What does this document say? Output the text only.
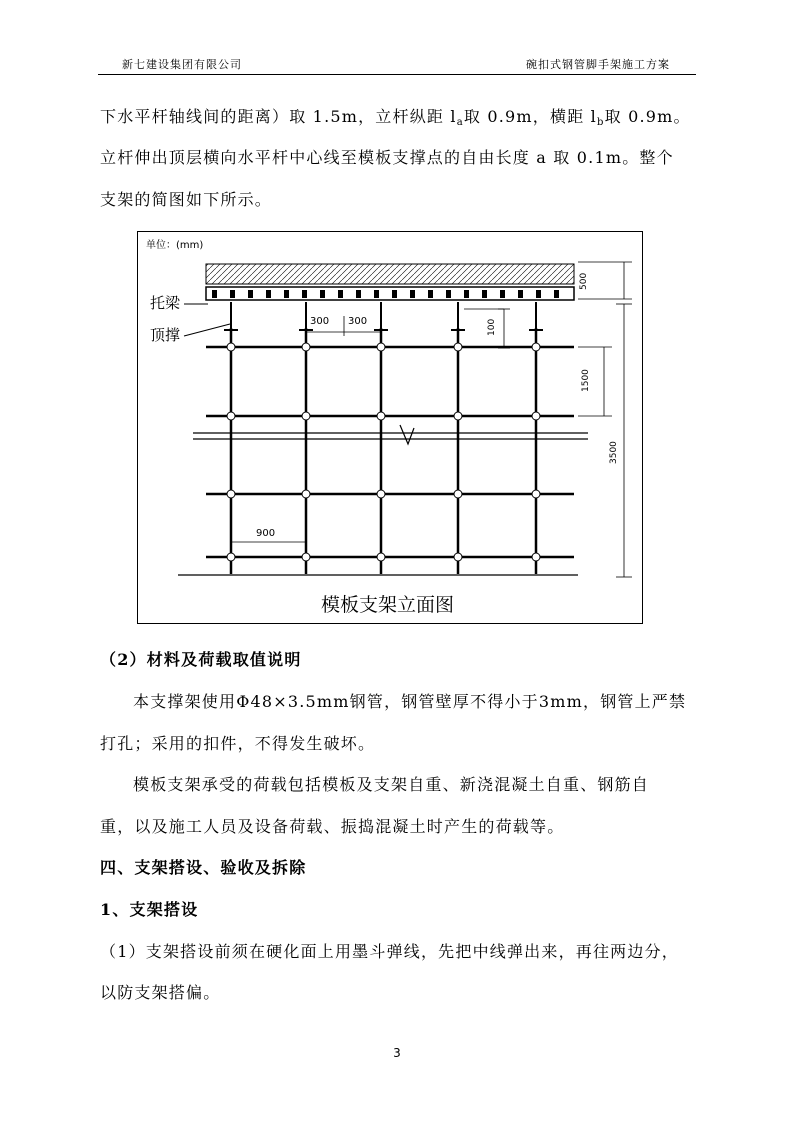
新七建设集团有限公司	碗扣式钢管脚手架施工方案
下水平杆轴线间的距离）取 1.5m，立杆纵距 $l_a$取 0.9m，横距 $l_b$取 0.9m。
立杆伸出顶层横向水平杆中心线至模板支撑点的自由长度 a 取 0.1m。整个
支架的简图如下所示。
单位：(mm)
托梁
顶撑
300 300	100
500
1500
3500
900
模板支架立面图
（2）材料及荷载取值说明
本支撑架使用Φ48×3.5mm钢管，钢管壁厚不得小于3mm，钢管上严禁
打孔；采用的扣件，不得发生破坏。
模板支架承受的荷载包括模板及支架自重、新浇混凝土自重、钢筋自
重，以及施工人员及设备荷载、振捣混凝土时产生的荷载等。
四、支架搭设、验收及拆除
1、支架搭设
（1）支架搭设前须在硬化面上用墨斗弹线，先把中线弹出来，再往两边分，
以防支架搭偏。
3
